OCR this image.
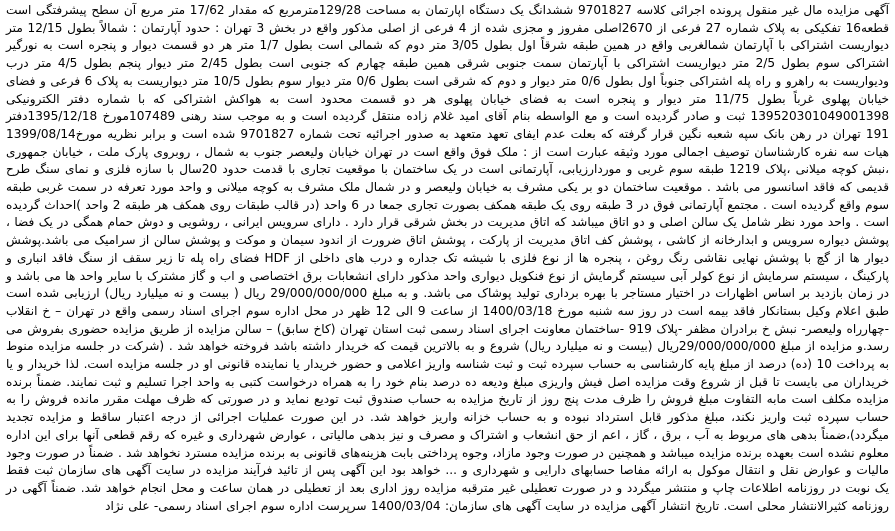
آگهی مزایده مال غیر منقول پرونده اجرائی کلاسه 9701827 ششدانگ یک دستگاه اپارتمان به مساحت 129/28مترمربع که مقدار 17/62 متر مربع آن سطح پیشرفتگی است قطعه16 تفکیکی به پلاک شماره 27 فرعی از 2670اصلی مفروز و مجزی شده از 4 فرعی از اصلی مذکور واقع در بخش 3 تهران : حدود آپارتمان : شمالاً بطول 12/15 متر دیواریست اشتراکی با آپارتمان شمالغربی واقع در همین طبقه شرقاً اول بطول 3/05 متر دوم که شمالی است بطول 1/7 متر هر دو قسمت دیوار و پنجره است به نورگیر اشتراکی سوم بطول 2/5 متر دیواریست اشتراکی با آپارتمان سمت جنوبی شرقی همین طبقه چهارم که جنوبی است بطول 2/45 متر دیوار پنجم بطول 4/5 متر درب ودیواریست به راهرو و راه پله اشتراکی جنوباً اول بطول 0/6 متر دیوار و دوم که شرقی است بطول 0/6 متر دیوار سوم بطول 10/5 متر دیواریست به پلاک 6 فرعی و فضای خیابان پهلوی غرباً بطول 11/75 متر دیوار و پنجره است به فضای خیابان پهلوی هر دو قسمت محدود است به هواکش اشتراکی که با شماره دفتر الکترونیکی 139520301049001398 ثبت و صادر گردیده است و مع الواسطه بنام آقای امید غلام زاده منتقل گردیده است و به موجب سند رهنی 107489مورخ 1395/12/18دفتر 191 تهران در رهن بانک سپه شعبه نگین قرار گرفته که بعلت عدم ایفای تعهد متعهد به صدور اجرائیه تحت شماره 9701827 شده است و برابر نظریه مورخ1399/08/14 هیات سه نفره کارشناسان توصیف اجمالی مورد وثیقه عبارت است از : ملک فوق واقع است در تهران خیابان ولیعصر جنوب به شمال ، روبروی پارک ملت ، خیابان جمهوری ،نبش کوچه میلانی ،پلاک 1219 طبقه سوم غربی و موردارزیابی، آپارتمانی است در یک ساختمان با موقعیت تجاری با قدمت حدود 20سال با سازه فلزی و نمای سنگ طرح قدیمی که فاقد اسانسور می باشد . موقعیت ساختمان دو بر یکی مشرف به خیابان ولیعصر و در شمال ملک مشرف به کوچه میلانی و واحد مورد تعرفه در سمت غربی طبقه سوم واقع گردیده است . مجتمع آپارتمانی فوق در 3 طبقه روی یک طبقه همکف بصورت تجاری جمعا در 6 واحد (در قالب طبقات روی همکف هر طبقه 2 واحد )احداث گردیده است . واحد مورد نظر شامل یک سالن اصلی و دو اتاق میباشد که اتاق مدیریت در بخش شرقی قرار دارد . دارای سرویس ایرانی ، روشویی و دوش حمام همگی در یک فضا ، پوشش دیواره سرویس و ابدارخانه از کاشی ، پوشش کف اتاق مدیریت از پارکت ، پوشش اتاق ضرورت از اندود سیمان و موکت و پوشش سالن از سرامیک می باشد.پوشش دیوار ها از گچ با پوشش نهایی نقاشی رنگ روغن ، پنجره ها از نوع فلزی با شیشه تک جداره و درب های داخلی از HDF فضای راه پله تا زیر سقف از سنگ فاقد انباری و پارکینگ ، سیستم سرمایش از نوع کولر آبی سیستم گرمایش از نوع فنکویل دیواری واحد مذکور دارای انشعابات برق اختصاصی و اب و گاز مشترک با سایر واحد ها می باشد و در زمان بازدید بر اساس اظهارات در اختیار مستاجر با بهره برداری تولید پوشاک می باشد. و به مبلغ 29/000/000/000 ریال ( بیست و نه میلیارد ریال) ارزیابی شده است طبق اعلام وکیل بستانکار فاقد بیمه است در روز سه شنبه مورخ 1400/03/18 از ساعت 9 الی 12 ظهر در محل اداره سوم اجرای اسناد رسمی واقع در تهران – خ انقلاب -چهارراه ولیعصر- نبش خ برادران مظفر -پلاک 919 -ساختمان معاونت اجرای اسناد رسمی ثبت استان تهران (کاخ سابق) – سالن مزایده از طریق مزایده حضوری بفروش می رسد.و مزایده از مبلغ 29/000/000/000ریال (بیست و نه میلیارد ریال) شروع و به بالاترین قیمت که خریدار داشته باشد فروخته خواهد شد . (شرکت در جلسه مزایده منوط به پرداخت 10 (ده) درصد از مبلغ پایه کارشناسی به حساب سپرده ثبت و ثبت شناسه واریز اعلامی و حضور خریدار یا نماینده قانونی او در جلسه مزایده است. لذا خریدار و یا خریداران می بایست تا قبل از شروع وقت مزایده اصل فیش واریزی مبلغ ودیعه ده درصد بنام خود را به همراه درخواست کتبی به واحد اجرا تسلیم و ثبت نمایند. ضمناً برنده مزایده مکلف است مابه التفاوت مبلغ فروش را ظرف مدت پنج روز از تاریخ مزایده به حساب صندوق ثبت تودیع نماید و در صورتی که ظرف مهلت مقرر مانده فروش را به حساب سپرده ثبت واریز نکند، مبلغ مذکور قابل استرداد نبوده و به حساب خزانه واریز خواهد شد. در این صورت عملیات اجرائی از درجه اعتبار ساقط و مزایده تجدید میگردد)،ضمناً بدهی های مربوط به آب ، برق ، گاز ، اعم از حق انشعاب و اشتراک و مصرف و نیز بدهی مالیاتی ، عوارض شهرداری و غیره که رقم قطعی آنها برای این اداره معلوم نشده است بعهده برنده مزایده میباشد و همچنین در صورت وجود مازاد، وجوه پرداختی بابت هزینه‌های قانونی به برنده مزایده مسترد نخواهد شد . ضمناً در صورت وجود مالیات و عوارض نقل و انتقال موکول به ارائه مفاصا حسابهای دارایی و شهرداری و ... خواهد بود این آگهی پس از تائید فرآیند مزایده در سایت آگهی های سازمان ثبت فقط یک نوبت در روزنامه اطلاعات چاپ و منتشر میگردد و در صورت تعطیلی غیر مترقبه مزایده روز اداری بعد از تعطیلی در همان ساعت و محل انجام خواهد شد. ضمناً آگهی در روزنامه کثیرالانتشار محلی است. تاریخ انتشار آگهی مزایده در سایت آگهی های سازمان: 1400/03/04 سرپرست اداره سوم اجرای اسناد رسمی- علی نژاد
